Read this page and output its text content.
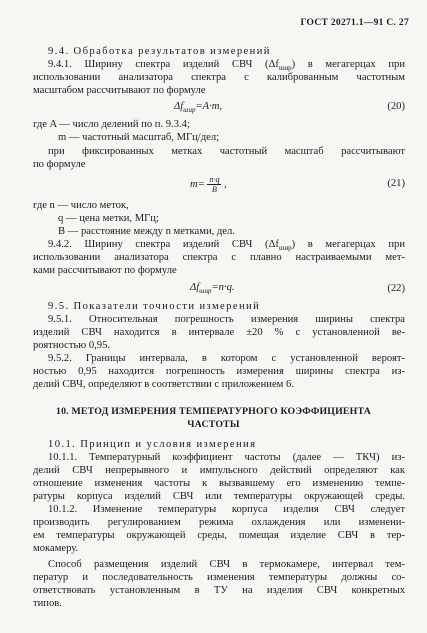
ГОСТ 20271.1—91 С. 27
9.4. Обработка результатов измерений
9.4.1. Ширину спектра изделий СВЧ $(\Delta f_{шир})$ в мегагерцах при
использовании анализатора спектра с калиброванным частотным
масштабом рассчитывают по формуле
$\Delta f_{шир}=A\cdot m$,	(20)
где A — число делений по п. 9.3.4;
m — частотный масштаб, МГц/дел;
при фиксированных метках частотный масштаб рассчитывают
по формуле
$m= \frac{n\cdot q}{B}$ ,	(21)
где n — число меток,
q — цена метки, МГц;
B — расстояние между n метками, дел.
9.4.2. Ширину спектра изделий СВЧ $(\Delta f_{шир})$ в мегагерцах при
использовании анализатора спектра с плавно настраиваемыми мет-
ками рассчитывают по формуле
$\Delta f_{шир}=n\cdot q$.	(22)
9.5. Показатели точности измерений
9.5.1. Относительная погрешность измерения ширины спектра
изделий СВЧ находится в интервале ±20 % с установленной ве-
роятностью 0,95.
9.5.2. Границы интервала, в котором с установленной вероят-
ностью 0,95 находится погрешность измерения ширины спектра из-
делий СВЧ, определяют в соответствии с приложением 6.
10. МЕТОД ИЗМЕРЕНИЯ ТЕМПЕРАТУРНОГО КОЭФФИЦИЕНТА
ЧАСТОТЫ
10.1. Принцип и условия измерения
10.1.1. Температурный коэффициент частоты (далее — ТКЧ) из-
делий СВЧ непрерывного и импульсного действий определяют как
отношение изменения частоты к вызвавшему его изменению темпе-
ратуры корпуса изделий СВЧ или температуры окружающей среды.
10.1.2. Изменение температуры корпуса изделия СВЧ следует
производить регулированием режима охлаждения или изменени-
ем температуры окружающей среды, помещая изделие СВЧ в тер-
мокамеру.
Способ размещения изделий СВЧ в термокамере, интервал тем-
ператур и последовательность изменения температуры должны со-
ответствовать установленным в ТУ на изделия СВЧ конкретных
типов.
